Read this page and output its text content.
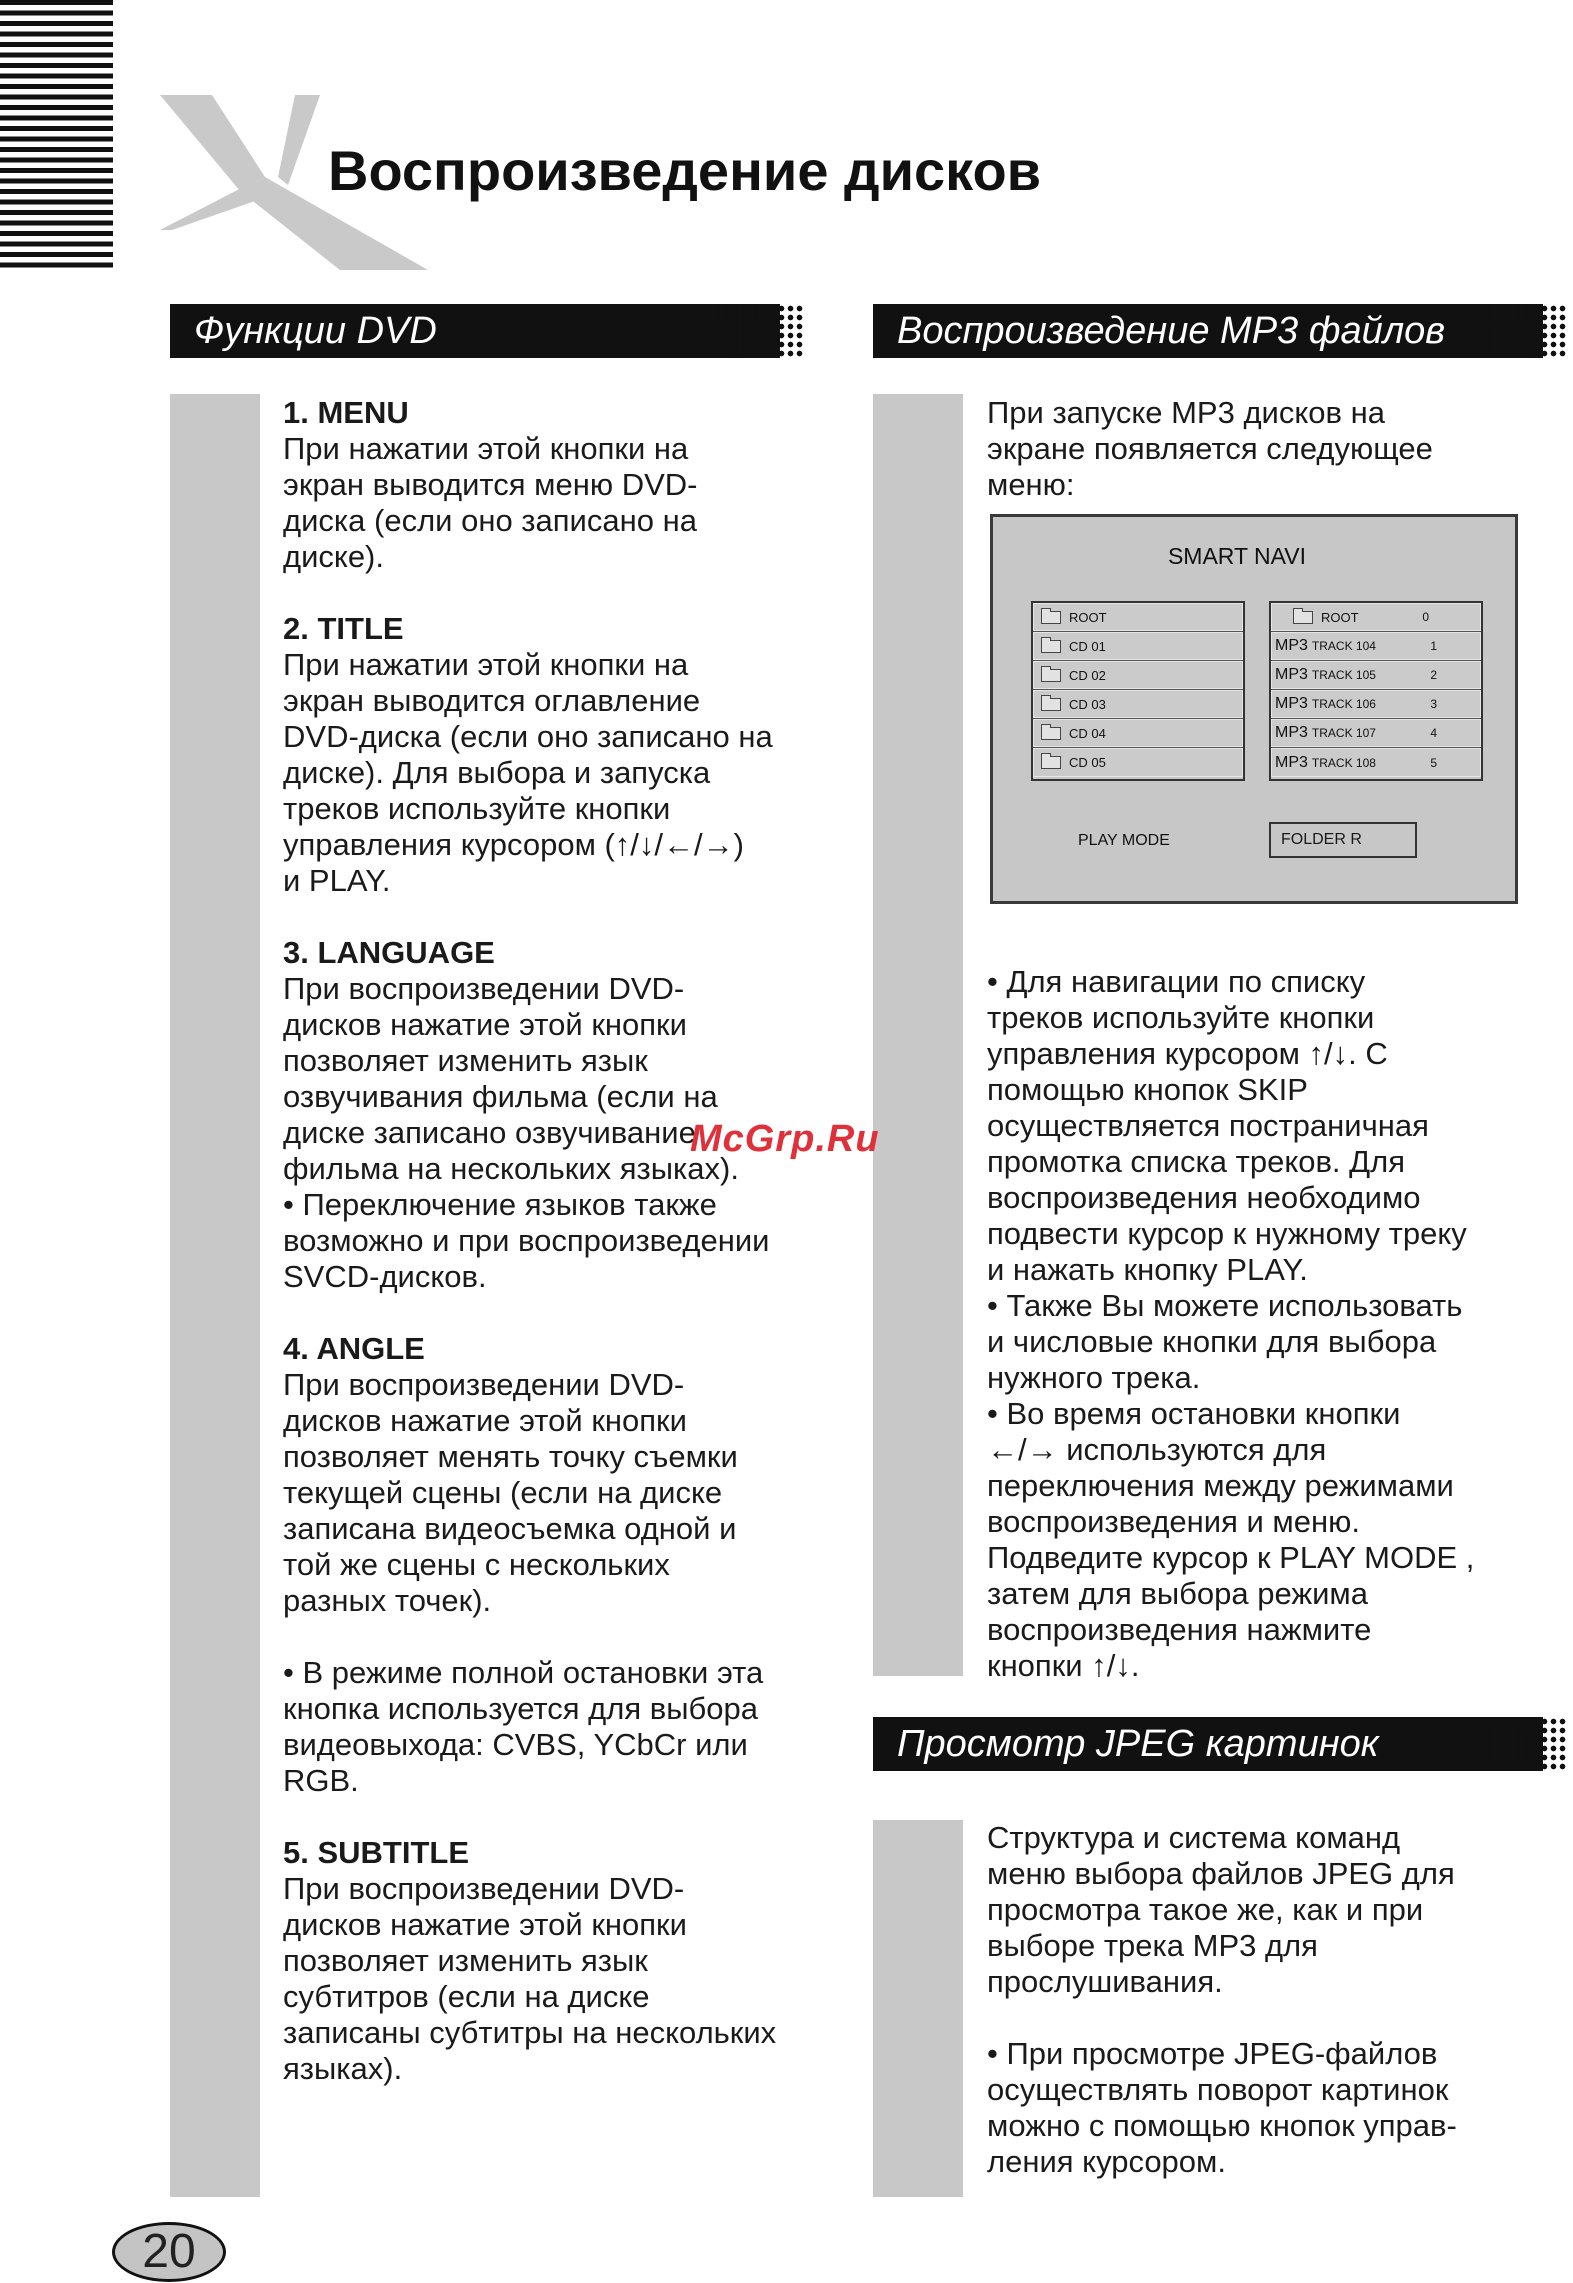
Воспроизведение дисков
Функции DVD

1. MENU

При нажатии этой кнопки на
экран выводится меню DVD-
диска (если оно записано на
диске).

2. TITLE

При нажатии этой кнопки на
экран выводится оглавление
DVD-диска (если оно записано на
диске). Для выбора и запуска
треков используйте кнопки
управления курсором (↑/↓/←/→)
и PLAY.

3. LANGUAGE

При воспроизведении DVD-
дисков нажатие этой кнопки
позволяет изменить язык
озвучивания фильма (если на
диске записано озвучивание
фильма на нескольких языках).
• Переключение языков также
возможно и при воспроизведении
SVCD-дисков.

4. ANGLE

При воспроизведении DVD-
дисков нажатие этой кнопки
позволяет менять точку съемки
текущей сцены (если на диске
записана видеосъемка одной и
той же сцены с нескольких
разных точек).

• В режиме полной остановки эта
кнопка используется для выбора
видеовыхода: CVBS, YCbCr или
RGB.

5. SUBTITLE

При воспроизведении DVD-
дисков нажатие этой кнопки
позволяет изменить язык
субтитров (если на диске
записаны субтитры на нескольких
языках).

Воспроизведение MP3 файлов

При запуске MP3 дисков на
экране появляется следующее
меню:

SMART NAVI
ROOT
CD 01
CD 02
CD 03
CD 04
CD 05
ROOT	0
MP3 TRACK 104	1
MP3 TRACK 105	2
MP3 TRACK 106	3
MP3 TRACK 107	4
MP3 TRACK 108	5
PLAY MODE	FOLDER R

• Для навигации по списку
треков используйте кнопки
управления курсором ↑/↓. С
помощью кнопок SKIP
осуществляется постраничная
промотка списка треков. Для
воспроизведения необходимо
подвести курсор к нужному треку
и нажать кнопку PLAY.
• Также Вы можете использовать
и числовые кнопки для выбора
нужного трека.
• Во время остановки кнопки
←/→ используются для
переключения между режимами
воспроизведения и меню.
Подведите курсор к PLAY MODE ,
затем для выбора режима
воспроизведения нажмите
кнопки ↑/↓.

Просмотр JPEG картинок

Структура и система команд
меню выбора файлов JPEG для
просмотра такое же, как и при
выборе трека MP3 для
прослушивания.

• При просмотре JPEG-файлов
осуществлять поворот картинок
можно с помощью кнопок управ-
ления курсором.

McGrp.Ru
20
